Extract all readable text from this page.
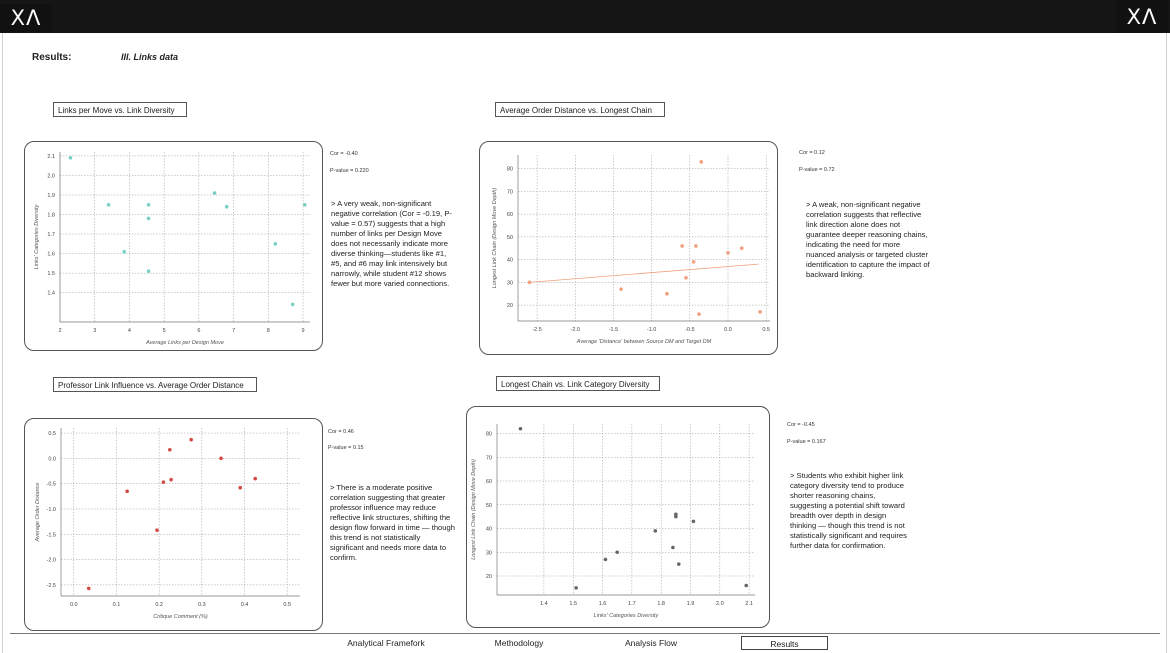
XΛ	XΛ
Results:	III. Links data
Links per Move vs. Link Diversity
1.4
1.5
1.6
1.7
1.8
1.9
2.0
2.1
2	3	4	5	6	7	8	9
Average Links per Design Move
Links' Categories Diversity
Cor = -0.40
P-value = 0.220
> A very weak, non-significant negative correlation (Cor = -0.19, P-value = 0.57) suggests that a high number of links per Design Move does not necessarily indicate more diverse thinking—students like #1, #5, and #6 may link intensively but narrowly, while student #12 shows fewer but more varied connections.
Average Order Distance vs. Longest Chain
20
30
40
50
60
70
80
-2.5	-2.0	-1.5	-1.0	-0.5	0.0	0.5
Average 'Distance' between Source DM and Target DM
Longest Link Chain (Design Move Depth)
Cor = 0.12
P-value = 0.72
> A weak, non-significant negative correlation suggests that reflective link direction alone does not guarantee deeper reasoning chains, indicating the need for more nuanced analysis or targeted cluster identification to capture the impact of backward linking.
Professor Link Influence vs. Average Order Distance
-2.5
-2.0
-1.5
-1.0
-0.5
0.0
0.5
0.0	0.1	0.2	0.3	0.4	0.5
Critique Comment (%)
Average Order Distance
Cor = 0.46
P-value = 0.15
> There is a moderate positive correlation suggesting that greater professor influence may reduce reflective link structures, shifting the design flow forward in time — though this trend is not statistically significant and needs more data to confirm.
Longest Chain vs. Link Category Diversity
20
30
40
50
60
70
80
1.4	1.5	1.6	1.7	1.8	1.9	2.0	2.1
Links' Categories Diversity
Longest Link Chain (Design Move Depth)
Cor = -0.45
P-value = 0.167
> Students who exhibit higher link category diversity tend to produce shorter reasoning chains, suggesting a potential shift toward breadth over depth in design thinking — though this trend is not statistically significant and requires further data for confirmation.
Analytical Framefork	Methodology	Analysis Flow	Results
